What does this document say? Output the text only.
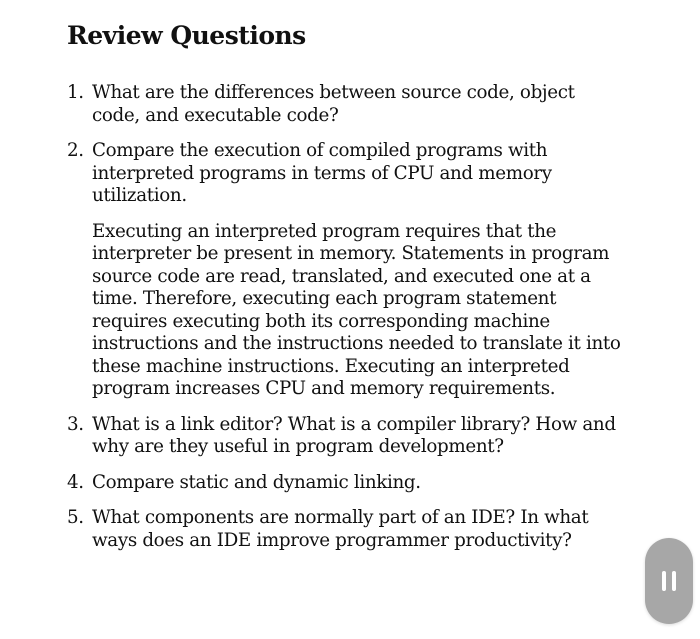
Review Questions
1. What are the differences between source code, object code, and executable code?
2. Compare the execution of compiled programs with interpreted programs in terms of CPU and memory utilization.
Executing an interpreted program requires that the interpreter be present in memory. Statements in program source code are read, translated, and executed one at a time. Therefore, executing each program statement requires executing both its corresponding machine instructions and the instructions needed to translate it into these machine instructions. Executing an interpreted program increases CPU and memory requirements.
3. What is a link editor? What is a compiler library? How and why are they useful in program development?
4. Compare static and dynamic linking.
5. What components are normally part of an IDE? In what ways does an IDE improve programmer productivity?
